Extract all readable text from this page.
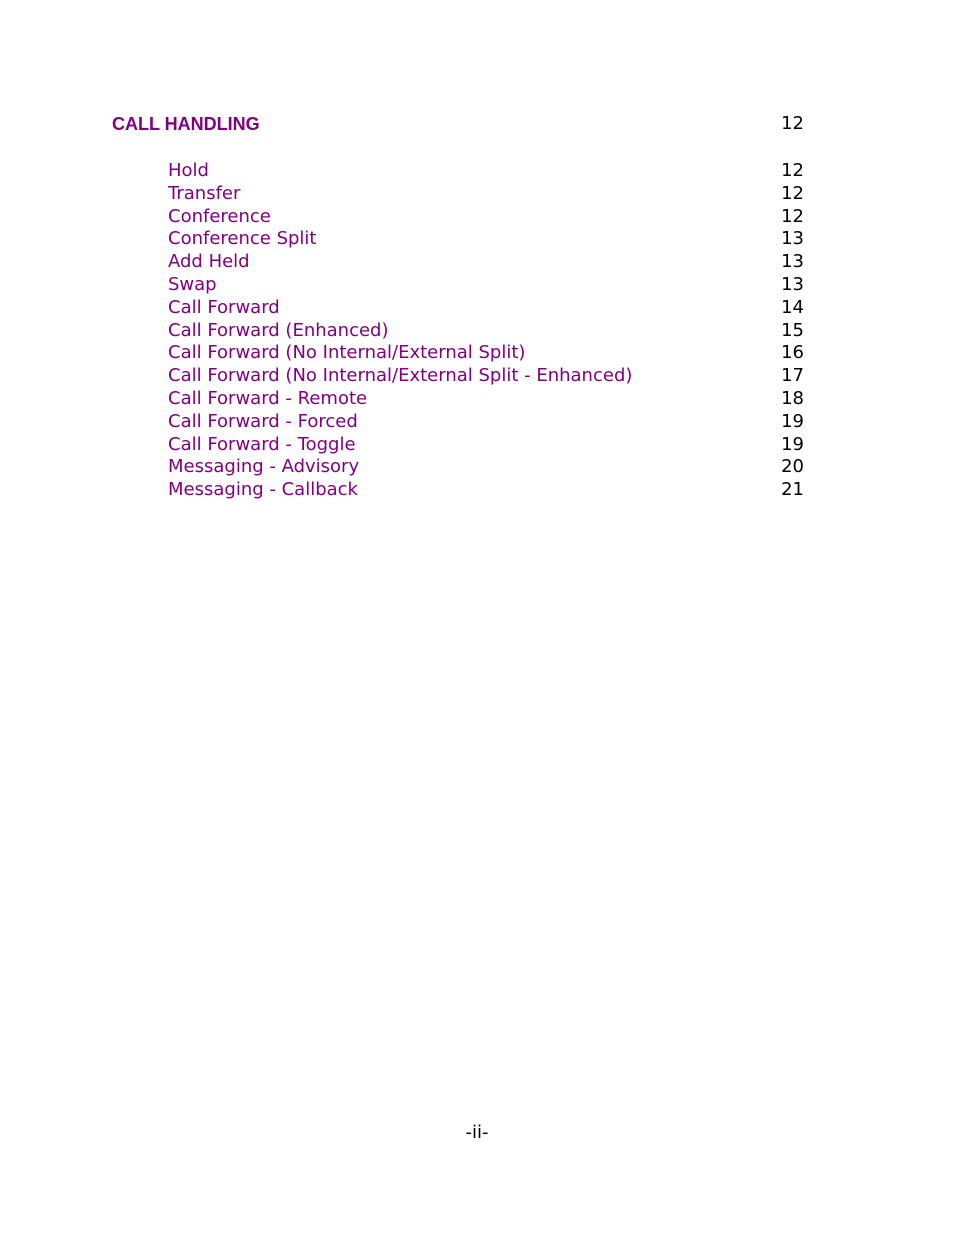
CALL HANDLING	12
Hold	12
Transfer	12
Conference	12
Conference Split	13
Add Held	13
Swap	13
Call Forward	14
Call Forward (Enhanced)	15
Call Forward (No Internal/External Split)	16
Call Forward (No Internal/External Split - Enhanced)	17
Call Forward - Remote	18
Call Forward - Forced	19
Call Forward - Toggle	19
Messaging - Advisory	20
Messaging - Callback	21
-ii-
